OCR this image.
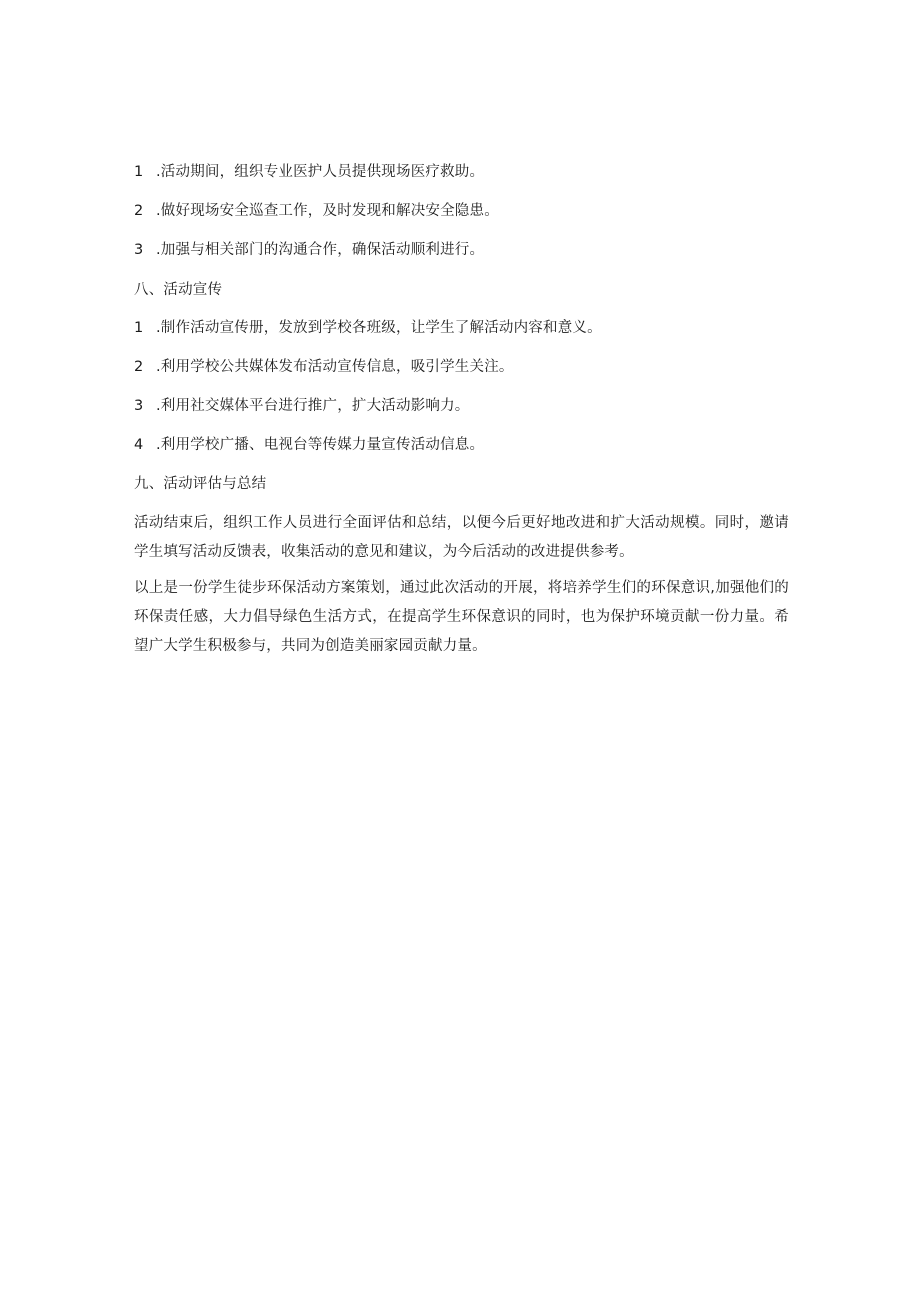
1 .活动期间，组织专业医护人员提供现场医疗救助。
2 .做好现场安全巡查工作，及时发现和解决安全隐患。
3 .加强与相关部门的沟通合作，确保活动顺利进行。
八、活动宣传
1 .制作活动宣传册，发放到学校各班级，让学生了解活动内容和意义。
2 .利用学校公共媒体发布活动宣传信息，吸引学生关注。
3 .利用社交媒体平台进行推广，扩大活动影响力。
4 .利用学校广播、电视台等传媒力量宣传活动信息。
九、活动评估与总结
活动结束后，组织工作人员进行全面评估和总结，以便今后更好地改进和扩大活动规模。同时，邀请学生填写活动反馈表，收集活动的意见和建议，为今后活动的改进提供参考。
以上是一份学生徒步环保活动方案策划，通过此次活动的开展，将培养学生们的环保意识,加强他们的环保责任感，大力倡导绿色生活方式，在提高学生环保意识的同时，也为保护环境贡献一份力量。希望广大学生积极参与，共同为创造美丽家园贡献力量。
